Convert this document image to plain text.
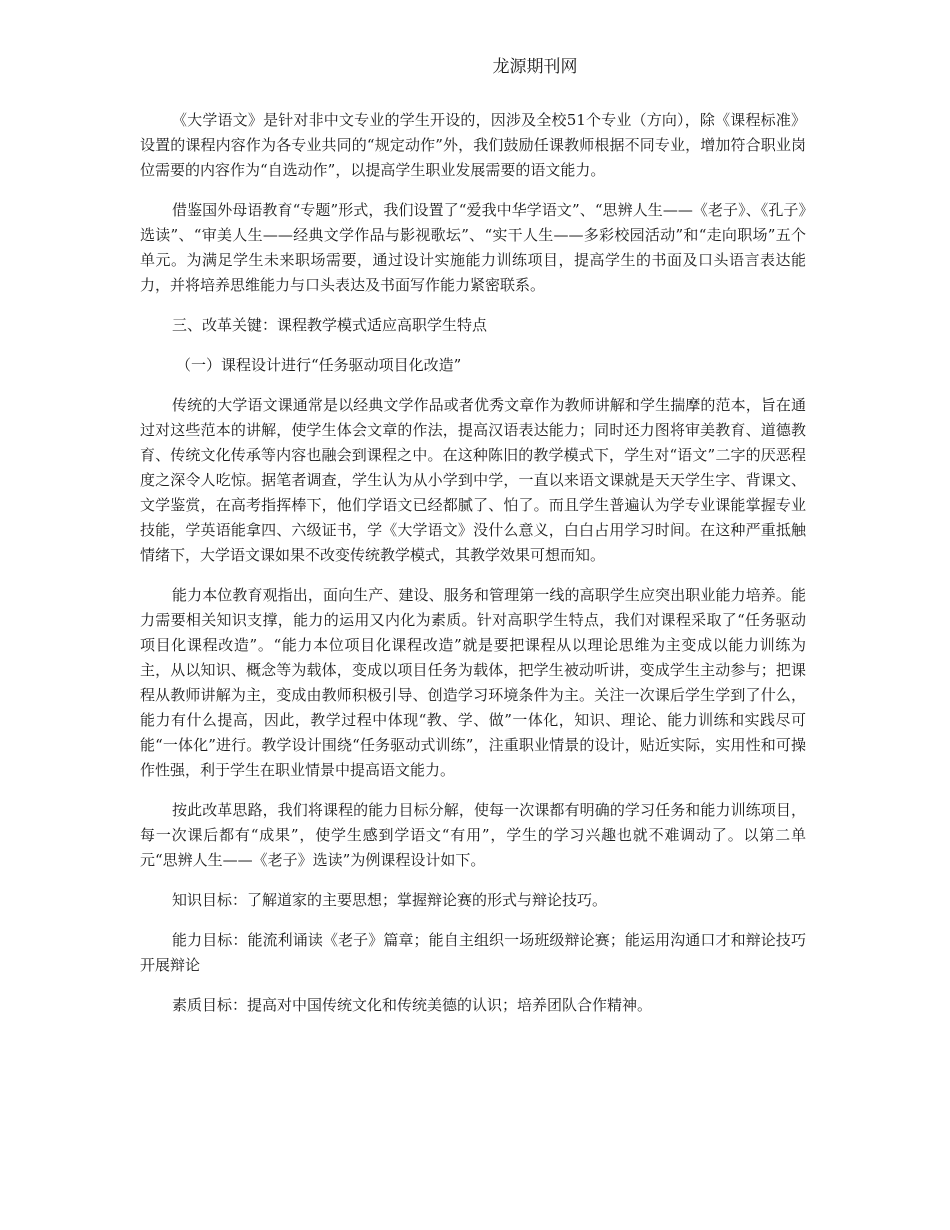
龙源期刊网

《大学语文》是针对非中文专业的学生开设的，因涉及全校51个专业（方向），除《课程标准》设置的课程内容作为各专业共同的“规定动作”外，我们鼓励任课教师根据不同专业，增加符合职业岗位需要的内容作为“自选动作”，以提高学生职业发展需要的语文能力。

借鉴国外母语教育“专题”形式，我们设置了“爱我中华学语文”、“思辨人生——《老子》、《孔子》选读”、“审美人生——经典文学作品与影视歌坛”、“实干人生——多彩校园活动”和“走向职场”五个单元。为满足学生未来职场需要，通过设计实施能力训练项目，提高学生的书面及口头语言表达能力，并将培养思维能力与口头表达及书面写作能力紧密联系。

三、改革关键：课程教学模式适应高职学生特点

（一）课程设计进行“任务驱动项目化改造”

传统的大学语文课通常是以经典文学作品或者优秀文章作为教师讲解和学生揣摩的范本，旨在通过对这些范本的讲解，使学生体会文章的作法，提高汉语表达能力；同时还力图将审美教育、道德教育、传统文化传承等内容也融会到课程之中。在这种陈旧的教学模式下，学生对“语文”二字的厌恶程度之深令人吃惊。据笔者调查，学生认为从小学到中学，一直以来语文课就是天天学生字、背课文、文学鉴赏，在高考指挥棒下，他们学语文已经都腻了、怕了。而且学生普遍认为学专业课能掌握专业技能，学英语能拿四、六级证书，学《大学语文》没什么意义，白白占用学习时间。在这种严重抵触情绪下，大学语文课如果不改变传统教学模式，其教学效果可想而知。

能力本位教育观指出，面向生产、建设、服务和管理第一线的高职学生应突出职业能力培养。能力需要相关知识支撑，能力的运用又内化为素质。针对高职学生特点，我们对课程采取了“任务驱动项目化课程改造”。“能力本位项目化课程改造”就是要把课程从以理论思维为主变成以能力训练为主，从以知识、概念等为载体，变成以项目任务为载体，把学生被动听讲，变成学生主动参与；把课程从教师讲解为主，变成由教师积极引导、创造学习环境条件为主。关注一次课后学生学到了什么，能力有什么提高，因此，教学过程中体现“教、学、做”一体化，知识、理论、能力训练和实践尽可能“一体化”进行。教学设计围绕“任务驱动式训练”，注重职业情景的设计，贴近实际，实用性和可操作性强，利于学生在职业情景中提高语文能力。

按此改革思路，我们将课程的能力目标分解，使每一次课都有明确的学习任务和能力训练项目，每一次课后都有“成果”，使学生感到学语文“有用”，学生的学习兴趣也就不难调动了。以第二单元“思辨人生——《老子》选读”为例课程设计如下。

知识目标：了解道家的主要思想；掌握辩论赛的形式与辩论技巧。

能力目标：能流利诵读《老子》篇章；能自主组织一场班级辩论赛；能运用沟通口才和辩论技巧开展辩论

素质目标：提高对中国传统文化和传统美德的认识；培养团队合作精神。
